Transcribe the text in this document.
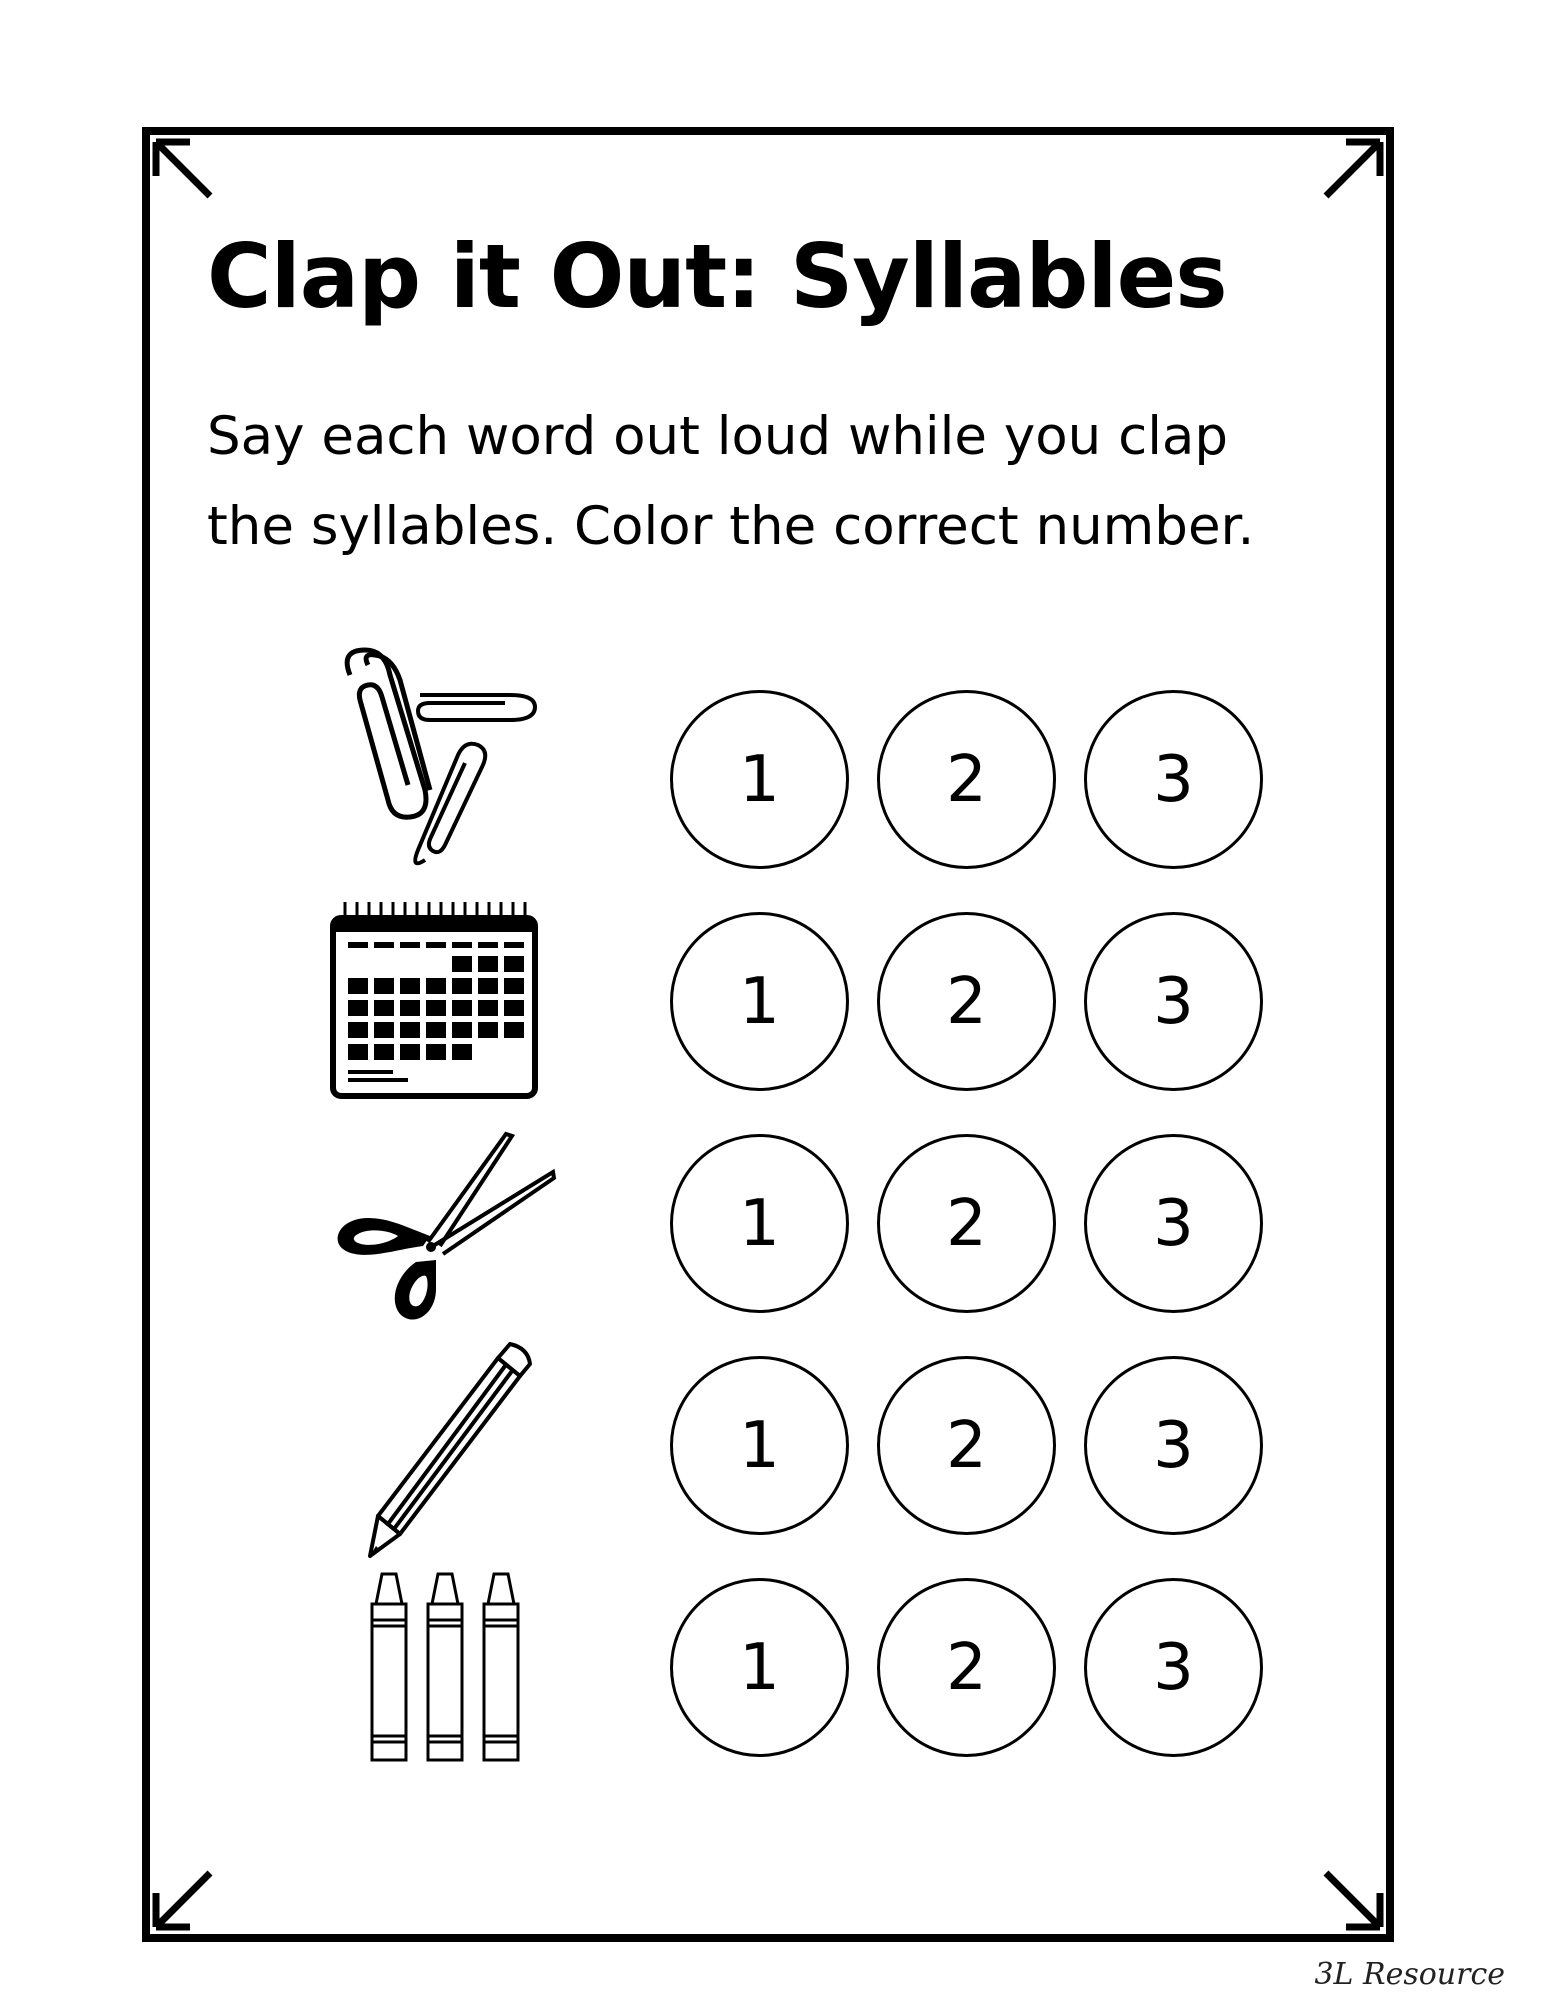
Clap it Out: Syllables
Say each word out loud while you clap
the syllables. Color the correct number.
1	2	3
1	2	3
1	2	3
1	2	3
1	2	3
3L Resource
